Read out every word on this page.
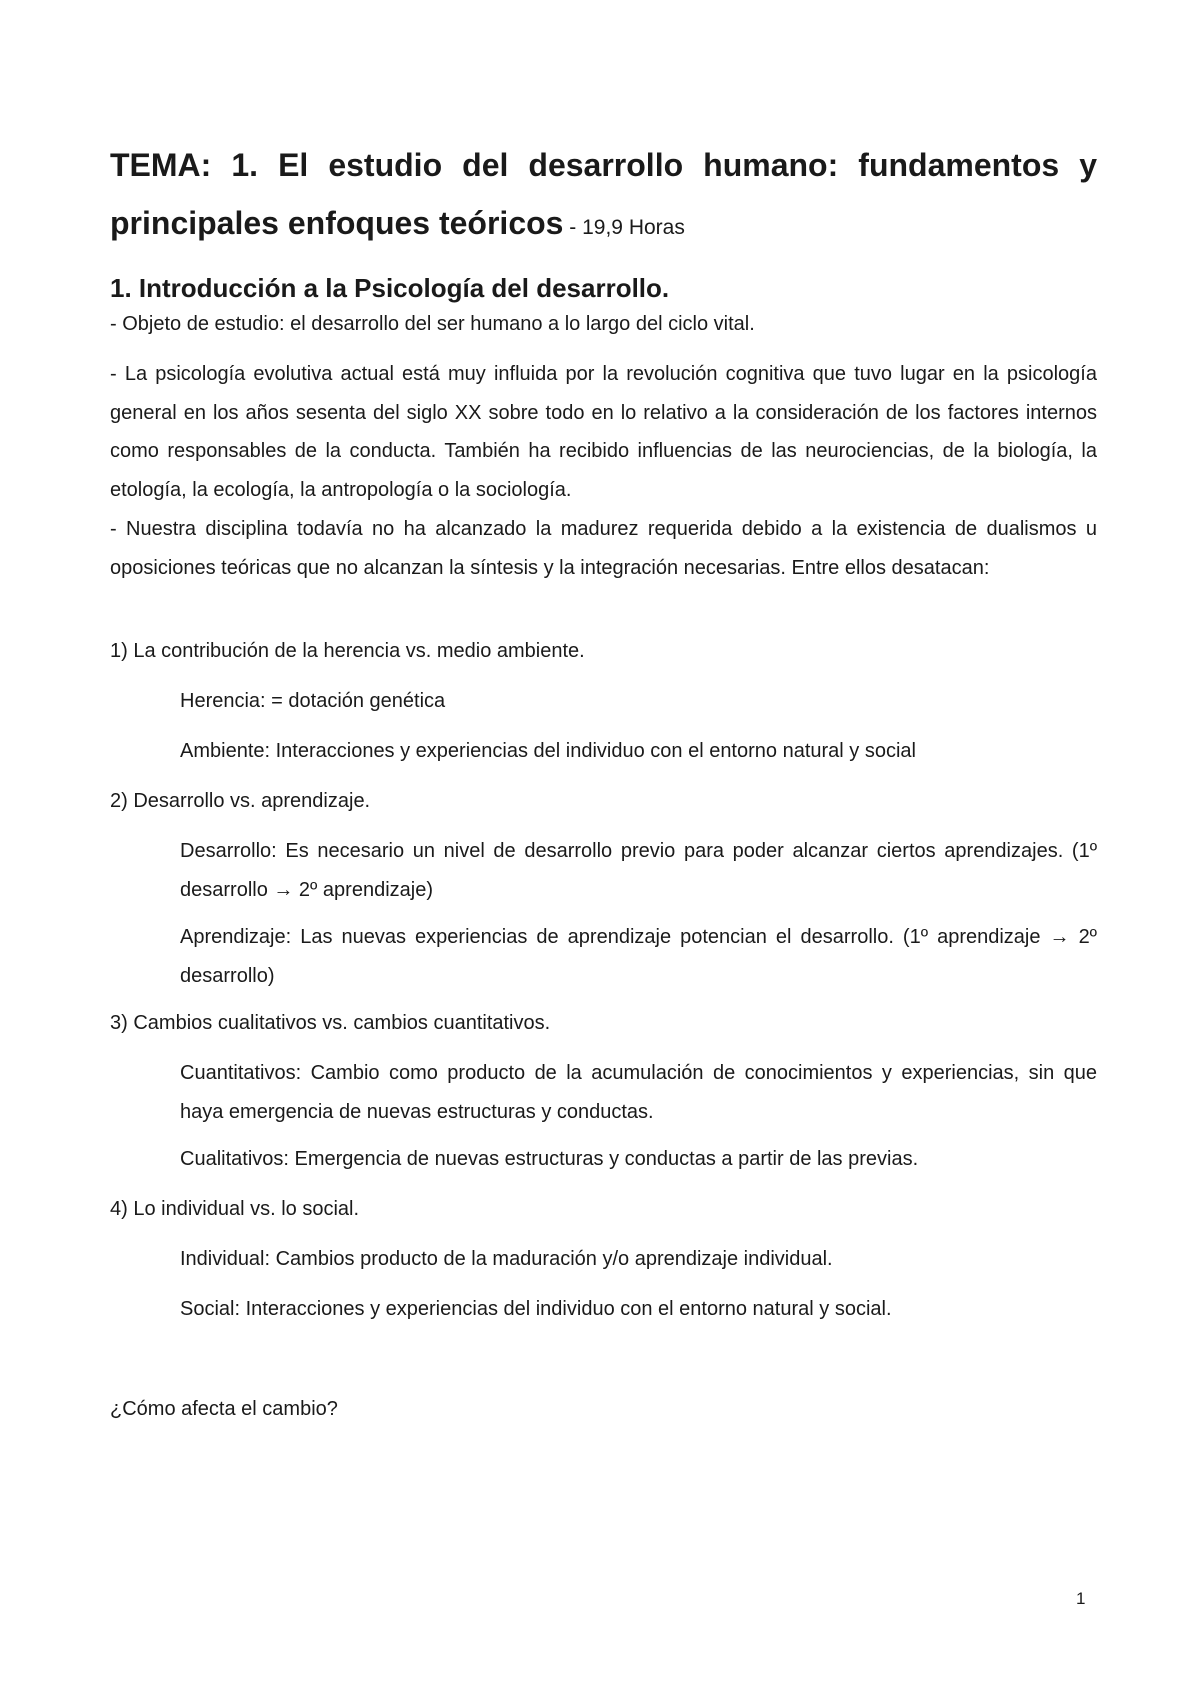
TEMA: 1. El estudio del desarrollo humano: fundamentos y principales enfoques teóricos - 19,9 Horas

1. Introducción a la Psicología del desarrollo.

- Objeto de estudio: el desarrollo del ser humano a lo largo del ciclo vital.

- La psicología evolutiva actual está muy influida por la revolución cognitiva que tuvo lugar en la psicología general en los años sesenta del siglo XX sobre todo en lo relativo a la consideración de los factores internos como responsables de la conducta. También ha recibido influencias de las neurociencias, de la biología, la etología, la ecología, la antropología o la sociología.

- Nuestra disciplina todavía no ha alcanzado la madurez requerida debido a la existencia de dualismos u oposiciones teóricas que no alcanzan la síntesis y la integración necesarias. Entre ellos desatacan:

1) La contribución de la herencia vs. medio ambiente.

Herencia: = dotación genética

Ambiente: Interacciones y experiencias del individuo con el entorno natural y social

2) Desarrollo vs. aprendizaje.

Desarrollo: Es necesario un nivel de desarrollo previo para poder alcanzar ciertos aprendizajes. (1º desarrollo → 2º aprendizaje)

Aprendizaje: Las nuevas experiencias de aprendizaje potencian el desarrollo. (1º aprendizaje → 2º desarrollo)

3) Cambios cualitativos vs. cambios cuantitativos.

Cuantitativos: Cambio como producto de la acumulación de conocimientos y experiencias, sin que haya emergencia de nuevas estructuras y conductas.

Cualitativos: Emergencia de nuevas estructuras y conductas a partir de las previas.

4) Lo individual vs. lo social.

Individual: Cambios producto de la maduración y/o aprendizaje individual.

Social: Interacciones y experiencias del individuo con el entorno natural y social.

¿Cómo afecta el cambio?

1
